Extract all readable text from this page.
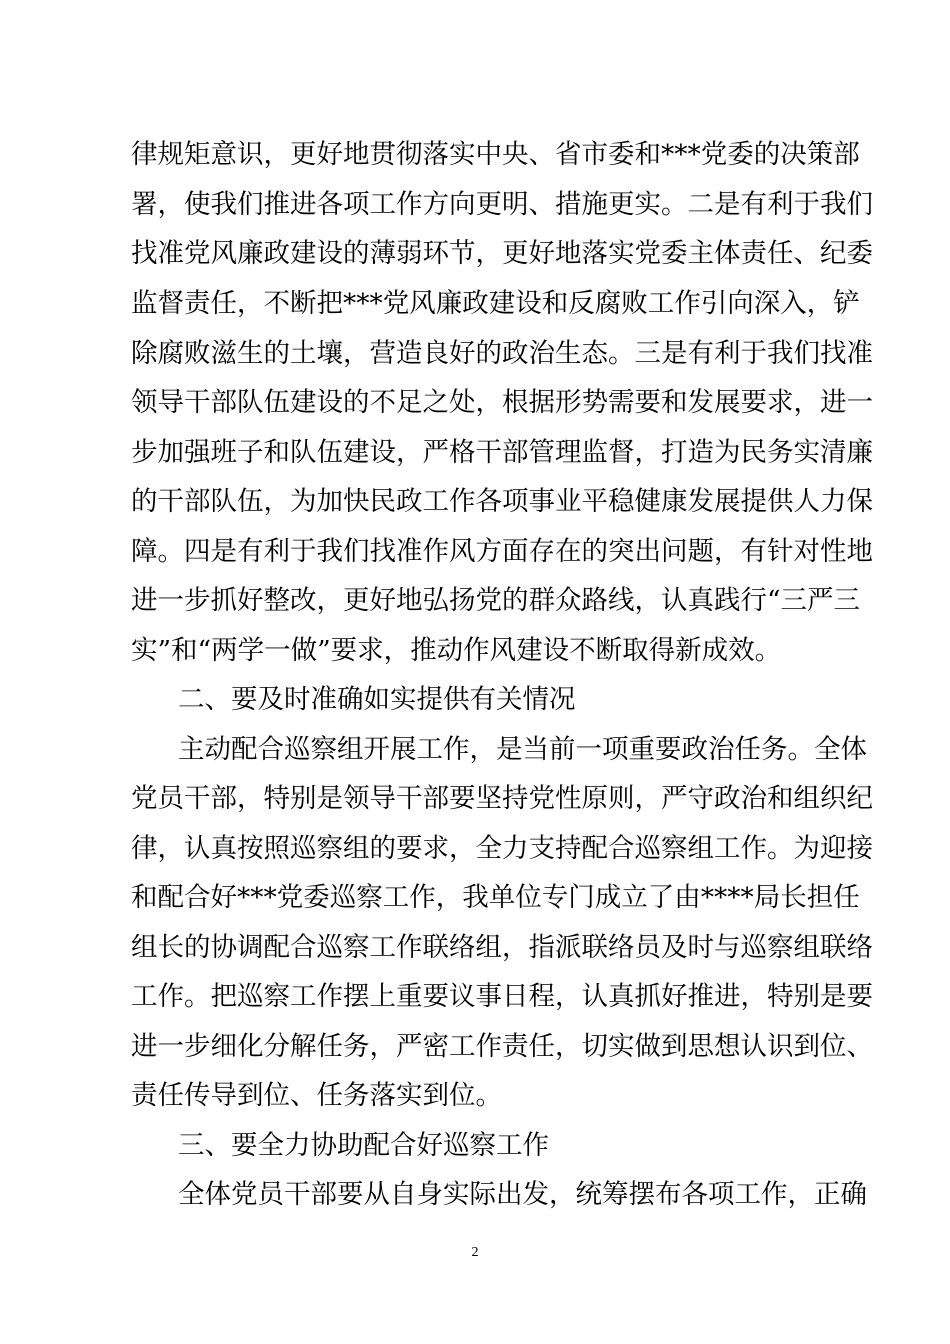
律规矩意识，更好地贯彻落实中央、省市委和***党委的决策部
署，使我们推进各项工作方向更明、措施更实。二是有利于我们
找准党风廉政建设的薄弱环节，更好地落实党委主体责任、纪委
监督责任，不断把***党风廉政建设和反腐败工作引向深入，铲
除腐败滋生的土壤，营造良好的政治生态。三是有利于我们找准
领导干部队伍建设的不足之处，根据形势需要和发展要求，进一
步加强班子和队伍建设，严格干部管理监督，打造为民务实清廉
的干部队伍，为加快民政工作各项事业平稳健康发展提供人力保
障。四是有利于我们找准作风方面存在的突出问题，有针对性地
进一步抓好整改，更好地弘扬党的群众路线，认真践行“三严三
实”和“两学一做”要求，推动作风建设不断取得新成效。
二、要及时准确如实提供有关情况
主动配合巡察组开展工作，是当前一项重要政治任务。全体
党员干部，特别是领导干部要坚持党性原则，严守政治和组织纪
律，认真按照巡察组的要求，全力支持配合巡察组工作。为迎接
和配合好***党委巡察工作，我单位专门成立了由****局长担任
组长的协调配合巡察工作联络组，指派联络员及时与巡察组联络
工作。把巡察工作摆上重要议事日程，认真抓好推进，特别是要
进一步细化分解任务，严密工作责任，切实做到思想认识到位、
责任传导到位、任务落实到位。
三、要全力协助配合好巡察工作
全体党员干部要从自身实际出发，统筹摆布各项工作，正确
2
